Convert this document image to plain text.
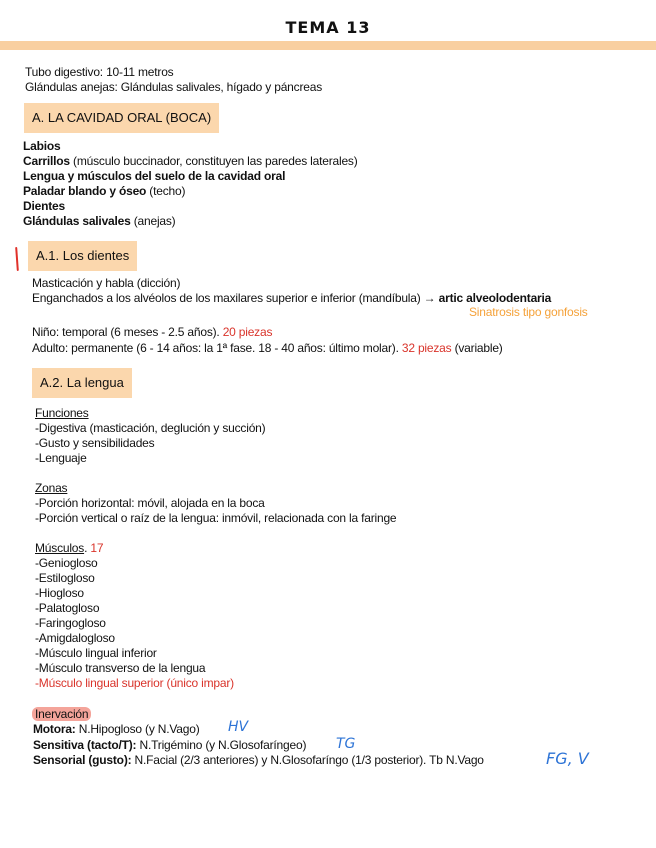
TEMA 13
Tubo digestivo: 10-11 metros
Glándulas anejas: Glándulas salivales, hígado y páncreas
A. LA CAVIDAD ORAL (BOCA)
Labios
Carrillos (músculo buccinador, constituyen las paredes laterales)
Lengua y músculos del suelo de la cavidad oral
Paladar blando y óseo (techo)
Dientes
Glándulas salivales (anejas)
A.1. Los dientes
Masticación y habla (dicción)
Enganchados a los alvéolos de los maxilares superior e inferior (mandíbula) → artic alveolodentaria
Sinatrosis tipo gonfosis
Niño: temporal (6 meses - 2.5 años). 20 piezas
Adulto: permanente (6 - 14 años: la 1ª fase. 18 - 40 años: último molar). 32 piezas (variable)
A.2. La lengua
Funciones
-Digestiva (masticación, deglución y succión)
-Gusto y sensibilidades
-Lenguaje
Zonas
-Porción horizontal: móvil, alojada en la boca
-Porción vertical o raíz de la lengua: inmóvil, relacionada con la faringe
Músculos. 17
-Geniogloso
-Estilogloso
-Hiogloso
-Palatogloso
-Faringogloso
-Amigdalogloso
-Músculo lingual inferior
-Músculo transverso de la lengua
-Músculo lingual superior (único impar)
Inervación
Motora: N.Hipogloso (y N.Vago)
Sensitiva (tacto/T): N.Trigémino (y N.Glosofaríngeo)
Sensorial (gusto): N.Facial (2/3 anteriores) y N.Glosofaríngo (1/3 posterior). Tb N.Vago
HV
TG
FG, V
